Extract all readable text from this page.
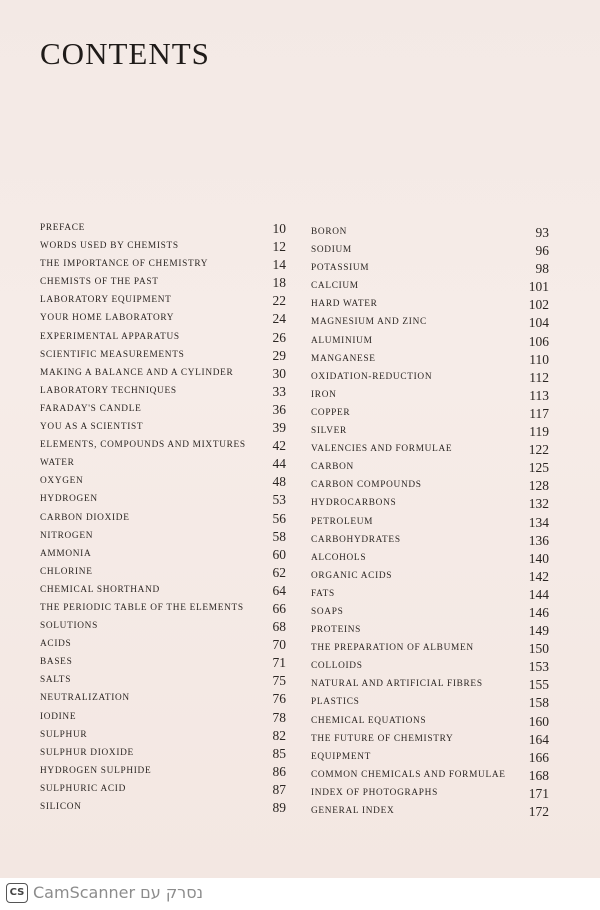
CONTENTS
PREFACE	10
WORDS USED BY CHEMISTS	12
THE IMPORTANCE OF CHEMISTRY	14
CHEMISTS OF THE PAST	18
LABORATORY EQUIPMENT	22
YOUR HOME LABORATORY	24
EXPERIMENTAL APPARATUS	26
SCIENTIFIC MEASUREMENTS	29
MAKING A BALANCE AND A CYLINDER	30
LABORATORY TECHNIQUES	33
FARADAY'S CANDLE	36
YOU AS A SCIENTIST	39
ELEMENTS, COMPOUNDS AND MIXTURES 42
WATER	44
OXYGEN	48
HYDROGEN	53
CARBON DIOXIDE	56
NITROGEN	58
AMMONIA	60
CHLORINE	62
CHEMICAL SHORTHAND	64
THE PERIODIC TABLE OF THE ELEMENTS 66
SOLUTIONS	68
ACIDS	70
BASES	71
SALTS	75
NEUTRALIZATION	76
IODINE	78
SULPHUR	82
SULPHUR DIOXIDE	85
HYDROGEN SULPHIDE	86
SULPHURIC ACID	87
SILICON	89
BORON	93
SODIUM	96
POTASSIUM	98
CALCIUM	101
HARD WATER	102
MAGNESIUM AND ZINC	104
ALUMINIUM	106
MANGANESE	110
OXIDATION-REDUCTION	112
IRON	113
COPPER	117
SILVER	119
VALENCIES AND FORMULAE	122
CARBON	125
CARBON COMPOUNDS	128
HYDROCARBONS	132
PETROLEUM	134
CARBOHYDRATES	136
ALCOHOLS	140
ORGANIC ACIDS	142
FATS	144
SOAPS	146
PROTEINS	149
THE PREPARATION OF ALBUMEN	150
COLLOIDS	153
NATURAL AND ARTIFICIAL FIBRES	155
PLASTICS	158
CHEMICAL EQUATIONS	160
THE FUTURE OF CHEMISTRY	164
EQUIPMENT	166
COMMON CHEMICALS AND FORMULAE 168
INDEX OF PHOTOGRAPHS	171
GENERAL INDEX	172
CS CamScanner נסרק עם
